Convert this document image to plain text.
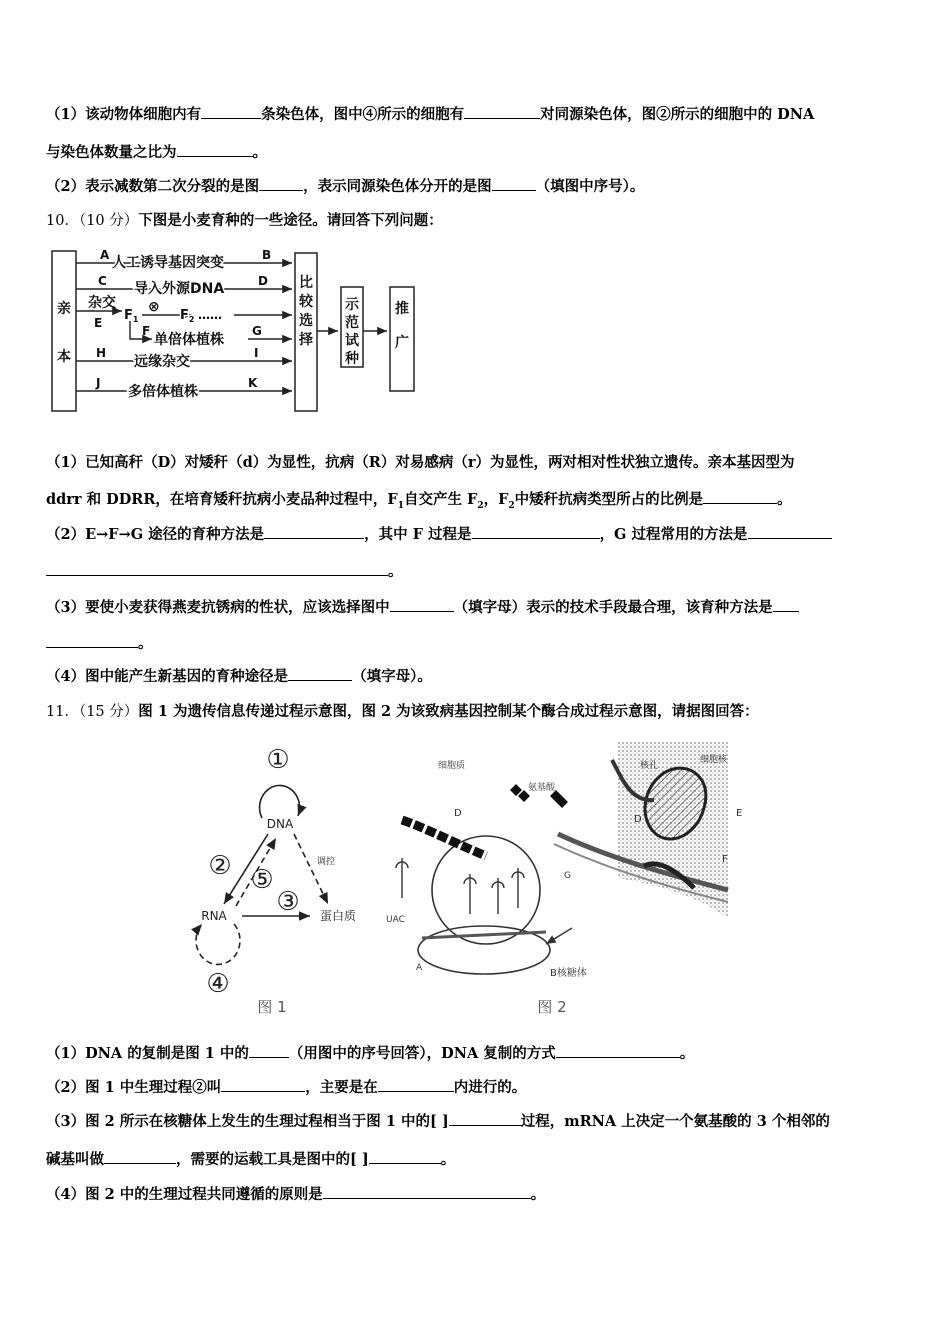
（1）该动物体细胞内有	条染色体，图中④所示的细胞有	对同源染色体，图②所示的细胞中的 DNA
与染色体数量之比为	。
（2）表示减数第二次分裂的是图	，表示同源染色体分开的是图	（填图中序号）。
10．（10 分）下图是小麦育种的一些途径。请回答下列问题：
亲
本
比
较
选
择
示
范
试
种
推
广
A 人工诱导基因突变	B
C 导入外源DNA	D
杂交
E $F_1$
⊗
$F_2$ ……
F
单倍体植株
G
H
远缘杂交
I
J
多倍体植株
K
（1）已知高秆（D）对矮秆（d）为显性，抗病（R）对易感病（r）为显性，两对相对性状独立遗传。亲本基因型为
ddrr 和 DDRR，在培育矮秆抗病小麦品种过程中，$F_1$自交产生 $F_2$，$F_2$中矮秆抗病类型所占的比例是	。
（2）E→F→G 途径的育种方法是	，其中 F 过程是	，G 过程常用的方法是
。
（3）要使小麦获得燕麦抗锈病的性状，应该选择图中	（填字母）表示的技术手段最合理，该育种方法是
。
（4）图中能产生新基因的育种途径是	（填字母）。
11．（15 分）图 1 为遗传信息传递过程示意图，图 2 为该致病基因控制某个酶合成过程示意图，请据图回答：
①
② ⑤
③
④
DNA
RNA	蛋白质
调控
图 1
细胞质
氨基酸
细胞核
核孔
D
D
E
F
G
A
UAC
B核糖体
图 2
（1）DNA 的复制是图 1 中的	（用图中的序号回答），DNA 复制的方式	。
（2）图 1 中生理过程②叫	，主要是在	内进行的。
（3）图 2 所示在核糖体上发生的生理过程相当于图 1 中的[ ]	过程，mRNA 上决定一个氨基酸的 3 个相邻的
碱基叫做	，需要的运载工具是图中的[ ]	。
（4）图 2 中的生理过程共同遵循的原则是	。
